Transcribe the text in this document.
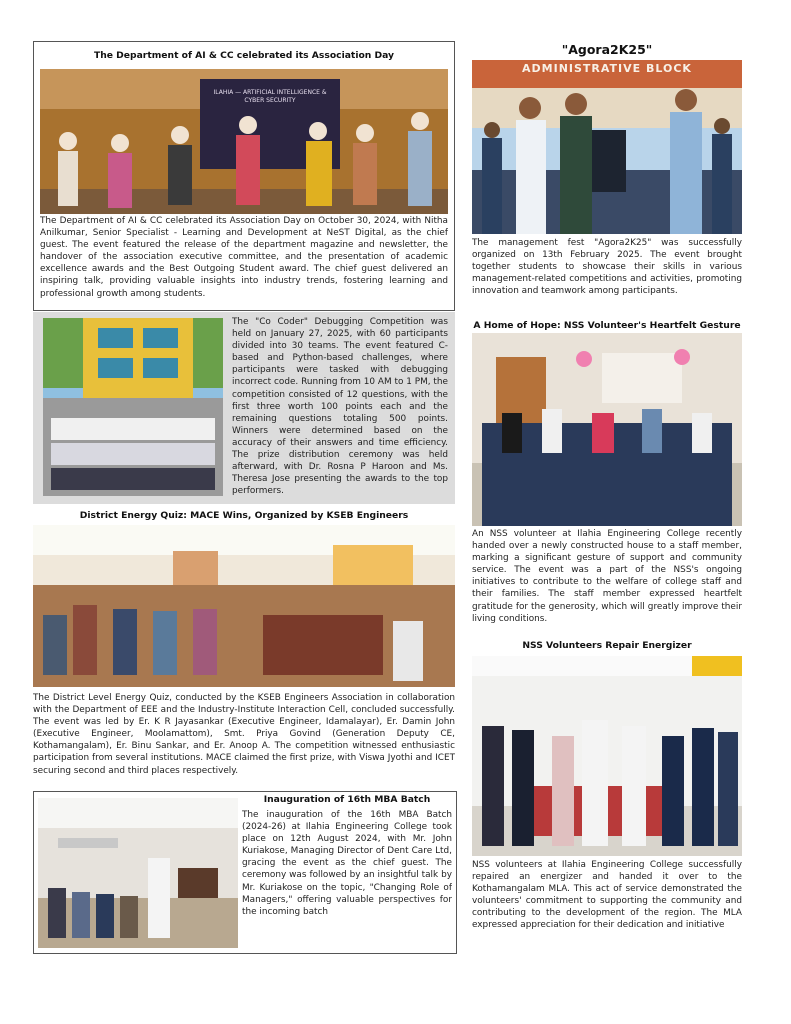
The Department of AI & CC celebrated its Association Day
ILAHIA — ARTIFICIAL INTELLIGENCE & CYBER SECURITY
The Department of AI & CC celebrated its Association Day on October 30, 2024, with Nitha Anilkumar, Senior Specialist - Learning and Development at NeST Digital, as the chief guest. The event featured the release of the department magazine and newsletter, the handover of the association executive committee, and the presentation of academic excellence awards and the Best Outgoing Student award. The chief guest delivered an inspiring talk, providing valuable insights into industry trends, fostering learning and professional growth among students.
"Agora2K25"
ADMINISTRATIVE BLOCK
The management fest "Agora2K25" was successfully organized on 13th February 2025. The event brought together students to showcase their skills in various management-related competitions and activities, promoting innovation and teamwork among participants.
The "Co Coder" Debugging Competition was held on January 27, 2025, with 60 participants divided into 30 teams. The event featured C-based and Python-based challenges, where participants were tasked with debugging incorrect code. Running from 10 AM to 1 PM, the competition consisted of 12 questions, with the first three worth 100 points each and the remaining questions totaling 500 points. Winners were determined based on the accuracy of their answers and time efficiency. The prize distribution ceremony was held afterward, with Dr. Rosna P Haroon and Ms. Theresa Jose presenting the awards to the top performers.
A Home of Hope: NSS Volunteer's Heartfelt Gesture
An NSS volunteer at Ilahia Engineering College recently handed over a newly constructed house to a staff member, marking a significant gesture of support and community service. The event was a part of the NSS's ongoing initiatives to contribute to the welfare of college staff and their families. The staff member expressed heartfelt gratitude for the generosity, which will greatly improve their living conditions.
District Energy Quiz: MACE Wins, Organized by KSEB Engineers
The District Level Energy Quiz, conducted by the KSEB Engineers Association in collaboration with the Department of EEE and the Industry-Institute Interaction Cell, concluded successfully. The event was led by Er. K R Jayasankar (Executive Engineer, Idamalayar), Er. Damin John (Executive Engineer, Moolamattom), Smt. Priya Govind (Generation Deputy CE, Kothamangalam), Er. Binu Sankar, and Er. Anoop A. The competition witnessed enthusiastic participation from several institutions. MACE claimed the first prize, with Viswa Jyothi and ICET securing second and third places respectively.
NSS Volunteers Repair Energizer
NSS volunteers at Ilahia Engineering College successfully repaired an energizer and handed it over to the Kothamangalam MLA. This act of service demonstrated the volunteers' commitment to supporting the community and contributing to the development of the region. The MLA expressed appreciation for their dedication and initiative
Inauguration of 16th MBA Batch
The inauguration of the 16th MBA Batch (2024-26) at Ilahia Engineering College took place on 12th August 2024, with Mr. John Kuriakose, Managing Director of Dent Care Ltd, gracing the event as the chief guest. The ceremony was followed by an insightful talk by Mr. Kuriakose on the topic, "Changing Role of Managers," offering valuable perspectives for the incoming batch
